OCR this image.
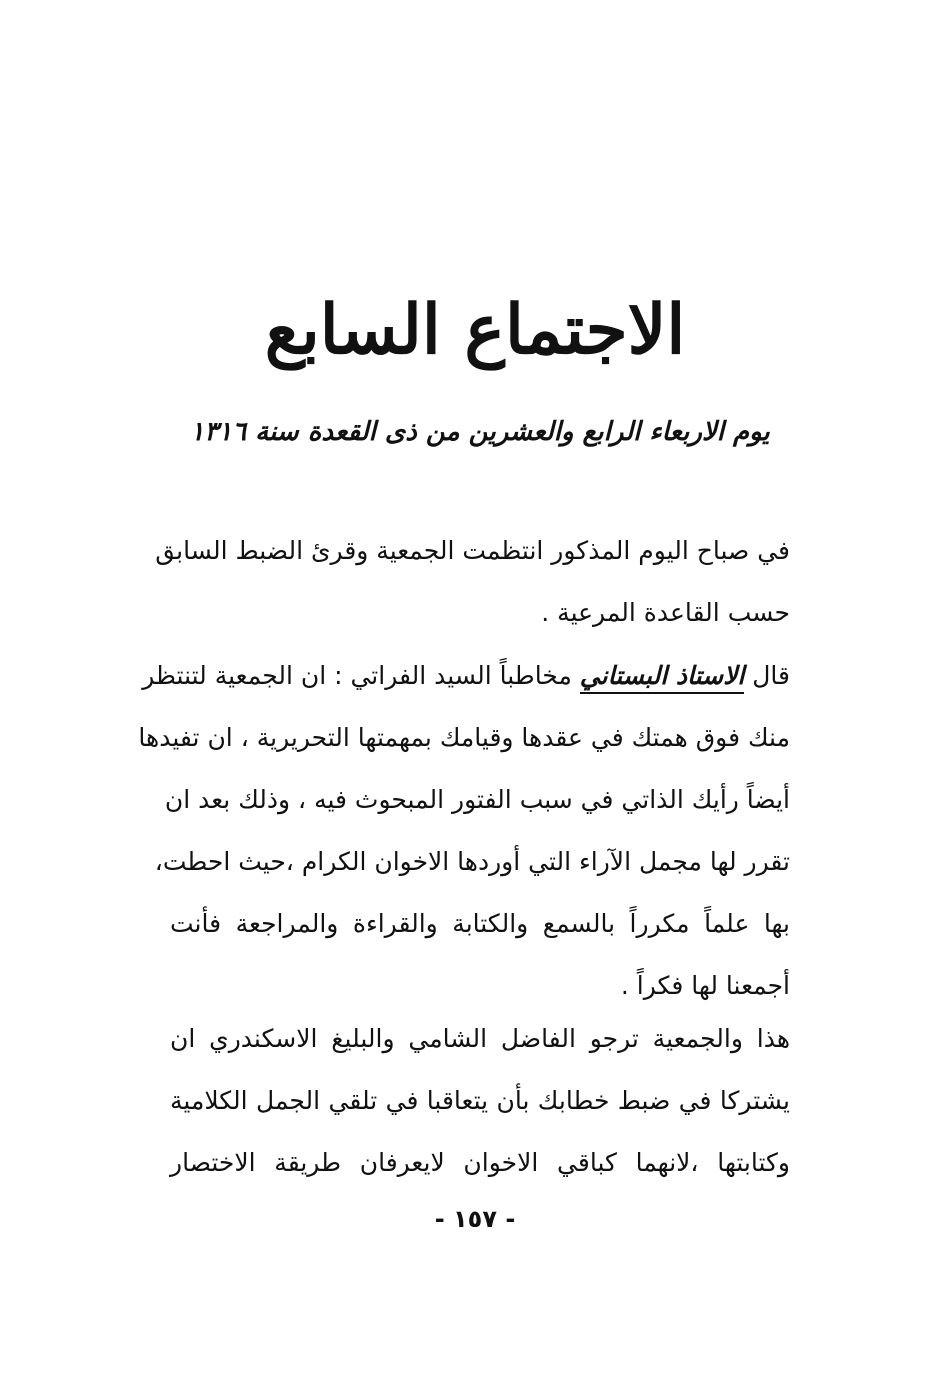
الاجتماع السابع
يوم الاربعاء الرابع والعشرين من ذى القعدة سنة ١٣١٦
في صباح اليوم المذكور انتظمت الجمعية وقرئ الضبط السابق
حسب القاعدة المرعية .
قال الاستاذ البستاني مخاطباً السيد الفراتي : ان الجمعية لتنتظر
منك فوق همتك في عقدها وقيامك بمهمتها التحريرية ، ان تفيدها
أيضاً رأيك الذاتي في سبب الفتور المبحوث فيه ، وذلك بعد ان
تقرر لها مجمل الآراء التي أوردها الاخوان الكرام ،حيث احطت،
بها علماً مكرراً بالسمع والكتابة والقراءة والمراجعة فأنت
أجمعنا لها فكراً .
هذا والجمعية ترجو الفاضل الشامي والبليغ الاسكندري ان
يشتركا في ضبط خطابك بأن يتعاقبا في تلقي الجمل الكلامية
وكتابتها ،لانهما كباقي الاخوان لايعرفان طريقة الاختصار
- ١٥٧ -
